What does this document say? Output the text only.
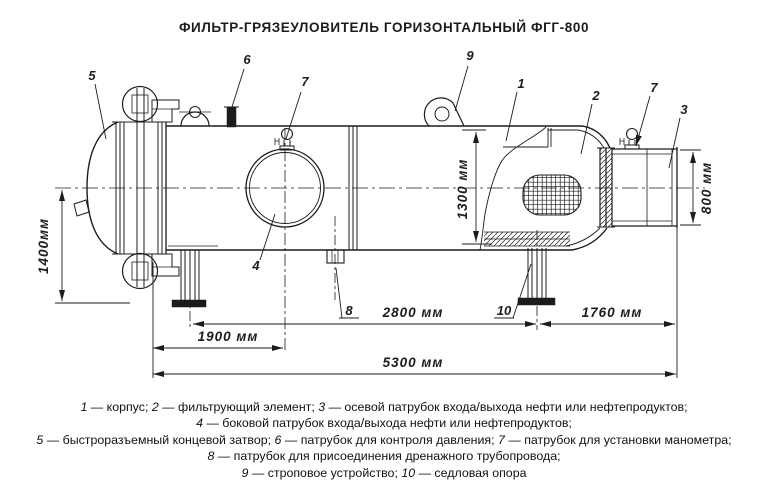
ФИЛЬТР-ГРЯЗЕУЛОВИТЕЛЬ ГОРИЗОНТАЛЬНЫЙ ФГГ-800
1400мм
1300 мм	800 мм
2800 мм	1760 мм
1900 мм
5300 мм
5
6
7
9
1
2
7
3
4
8	10
1 — корпус; 2 — фильтрующий элемент; 3 — осевой патрубок входа/выхода нефти или нефтепродуктов;
4 — боковой патрубок входа/выхода нефти или нефтепродуктов;
5 — быстроразъемный концевой затвор; 6 — патрубок для контроля давления; 7 — патрубок для установки манометра;
8 — патрубок для присоединения дренажного трубопровода;
9 — строповое устройство; 10 — седловая опора
